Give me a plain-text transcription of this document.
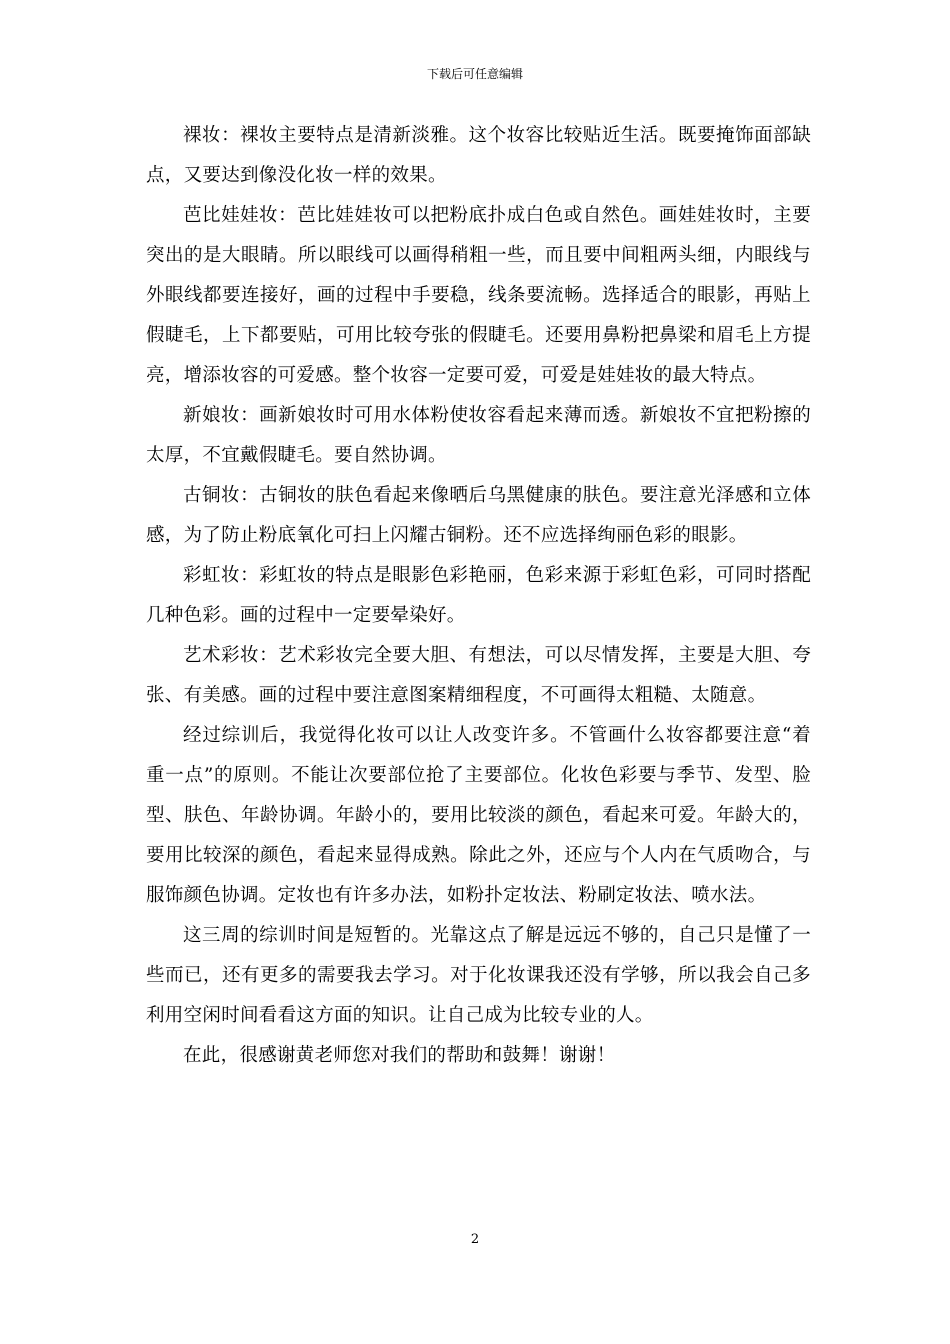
下载后可任意编辑

裸妆：裸妆主要特点是清新淡雅。这个妆容比较贴近生活。既要掩饰面部缺点，又要达到像没化妆一样的效果。

芭比娃娃妆：芭比娃娃妆可以把粉底扑成白色或自然色。画娃娃妆时，主要突出的是大眼睛。所以眼线可以画得稍粗一些，而且要中间粗两头细，内眼线与外眼线都要连接好，画的过程中手要稳，线条要流畅。选择适合的眼影，再贴上假睫毛，上下都要贴，可用比较夸张的假睫毛。还要用鼻粉把鼻梁和眉毛上方提亮，增添妆容的可爱感。整个妆容一定要可爱，可爱是娃娃妆的最大特点。

新娘妆：画新娘妆时可用水体粉使妆容看起来薄而透。新娘妆不宜把粉擦的太厚，不宜戴假睫毛。要自然协调。

古铜妆：古铜妆的肤色看起来像晒后乌黑健康的肤色。要注意光泽感和立体感，为了防止粉底氧化可扫上闪耀古铜粉。还不应选择绚丽色彩的眼影。

彩虹妆：彩虹妆的特点是眼影色彩艳丽，色彩来源于彩虹色彩，可同时搭配几种色彩。画的过程中一定要晕染好。

艺术彩妆：艺术彩妆完全要大胆、有想法，可以尽情发挥，主要是大胆、夸张、有美感。画的过程中要注意图案精细程度，不可画得太粗糙、太随意。

经过综训后，我觉得化妆可以让人改变许多。不管画什么妆容都要注意“着重一点”的原则。不能让次要部位抢了主要部位。化妆色彩要与季节、发型、脸型、肤色、年龄协调。年龄小的，要用比较淡的颜色，看起来可爱。年龄大的，要用比较深的颜色，看起来显得成熟。除此之外，还应与个人内在气质吻合，与服饰颜色协调。定妆也有许多办法，如粉扑定妆法、粉刷定妆法、喷水法。

这三周的综训时间是短暂的。光靠这点了解是远远不够的，自己只是懂了一些而已，还有更多的需要我去学习。对于化妆课我还没有学够，所以我会自己多利用空闲时间看看这方面的知识。让自己成为比较专业的人。

在此，很感谢黄老师您对我们的帮助和鼓舞！谢谢！

2
